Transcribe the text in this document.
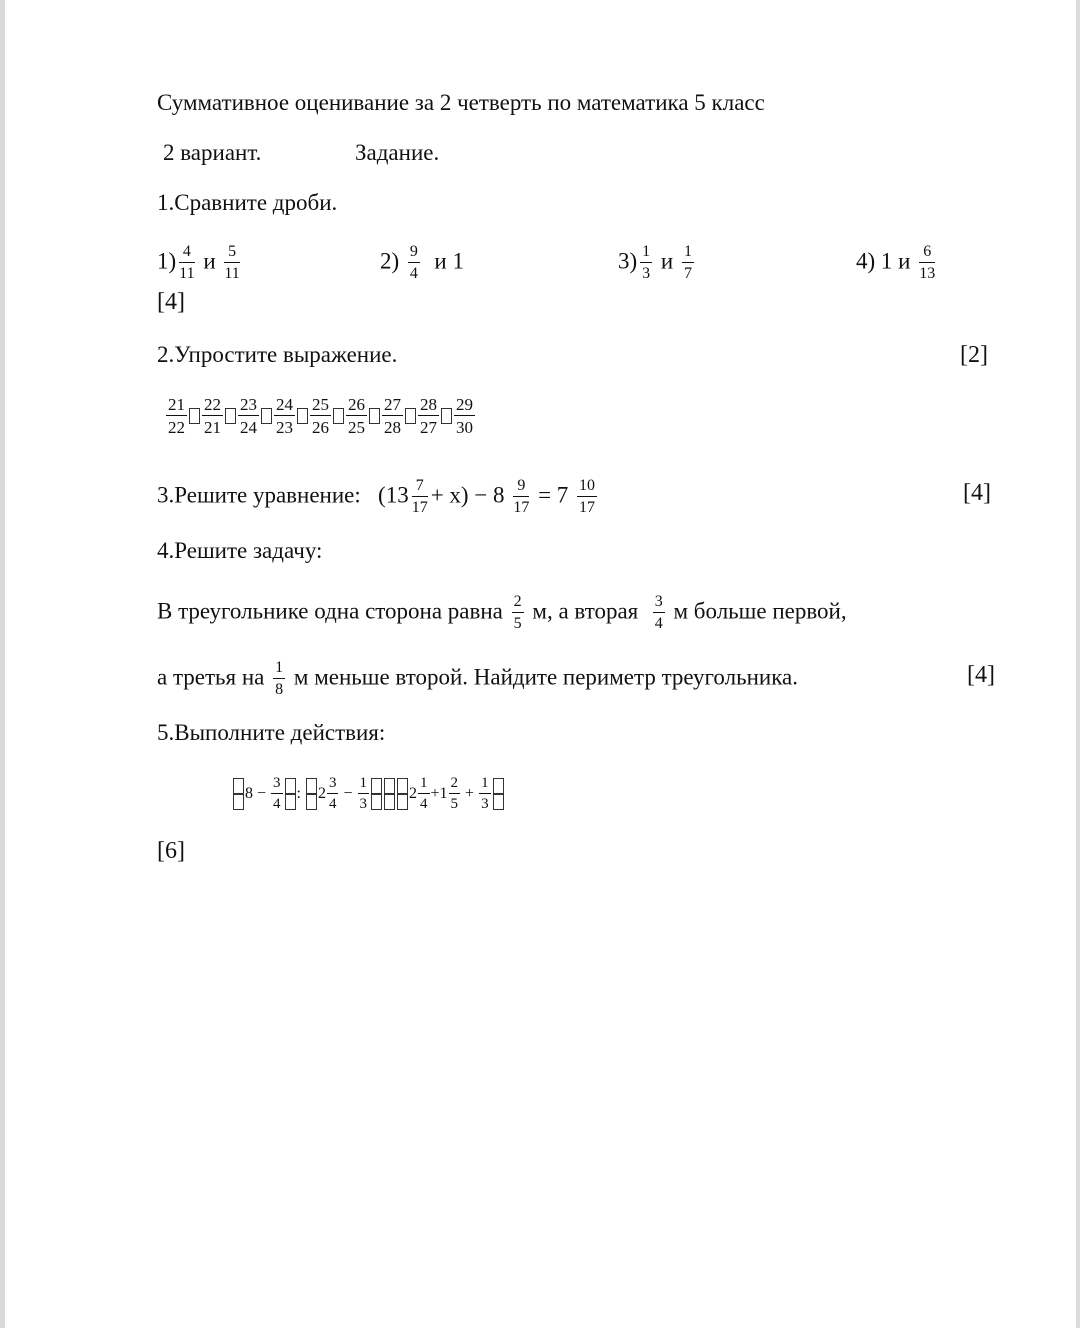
Суммативное оценивание за 2 четверть по математика 5 класс
2 вариант.	Задание.
1.Сравните дроби.
$1) \frac{4}{11}$ и $\frac{5}{11}$	$2) \frac{9}{4}$ и 1	$3) \frac{1}{3}$ и $\frac{1}{7}$	4) 1 и $\frac{6}{13}$
[4]
2.Упростите выражение.	[2]
$\frac{21}{22} \frac{22}{21} \frac{23}{24} \frac{24}{23} \frac{25}{26} \frac{26}{25} \frac{27}{28} \frac{28}{27} \frac{29}{30}$
3.Решите уравнение: $(13 \frac{7}{17} + x) - 8 \frac{9}{17} = 7 \frac{10}{17}$	[4]
4.Решите задачу:
В треугольнике одна сторона равна $\frac{2}{5} м$, а вторая $\frac{3}{4}$ м больше первой,
а третья на $\frac{1}{8}$ м меньше второй. Найдите периметр треугольника.	[4]
5.Выполните действия:

$8 - \frac{3}{4}$ : $2 \frac{3}{4} - \frac{1}{3}$	$2 \frac{1}{4} +1 \frac{2}{5} + \frac{1}{3}$

[6]
